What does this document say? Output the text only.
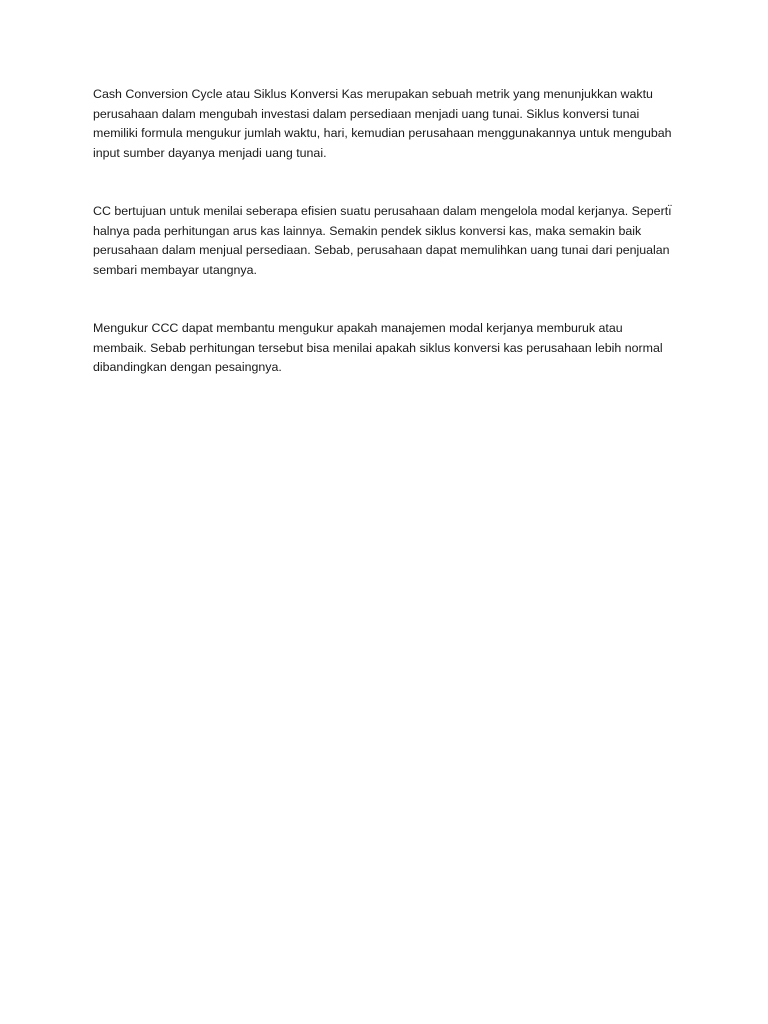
Cash Conversion Cycle atau Siklus Konversi Kas merupakan sebuah metrik yang menunjukkan waktu perusahaan dalam mengubah investasi dalam persediaan menjadi uang tunai. Siklus konversi tunai memiliki formula mengukur jumlah waktu, hari, kemudian perusahaan menggunakannya untuk mengubah input sumber dayanya menjadi uang tunai.

CC bertujuan untuk menilai seberapa efisien suatu perusahaan dalam mengelola modal kerjanya. Sepertı̈ halnya pada perhitungan arus kas lainnya. Semakin pendek siklus konversi kas, maka semakin baik perusahaan dalam menjual persediaan. Sebab, perusahaan dapat memulihkan uang tunai dari penjualan sembari membayar utangnya.

Mengukur CCC dapat membantu mengukur apakah manajemen modal kerjanya memburuk atau membaik. Sebab perhitungan tersebut bisa menilai apakah siklus konversi kas perusahaan lebih normal dibandingkan dengan pesaingnya.
